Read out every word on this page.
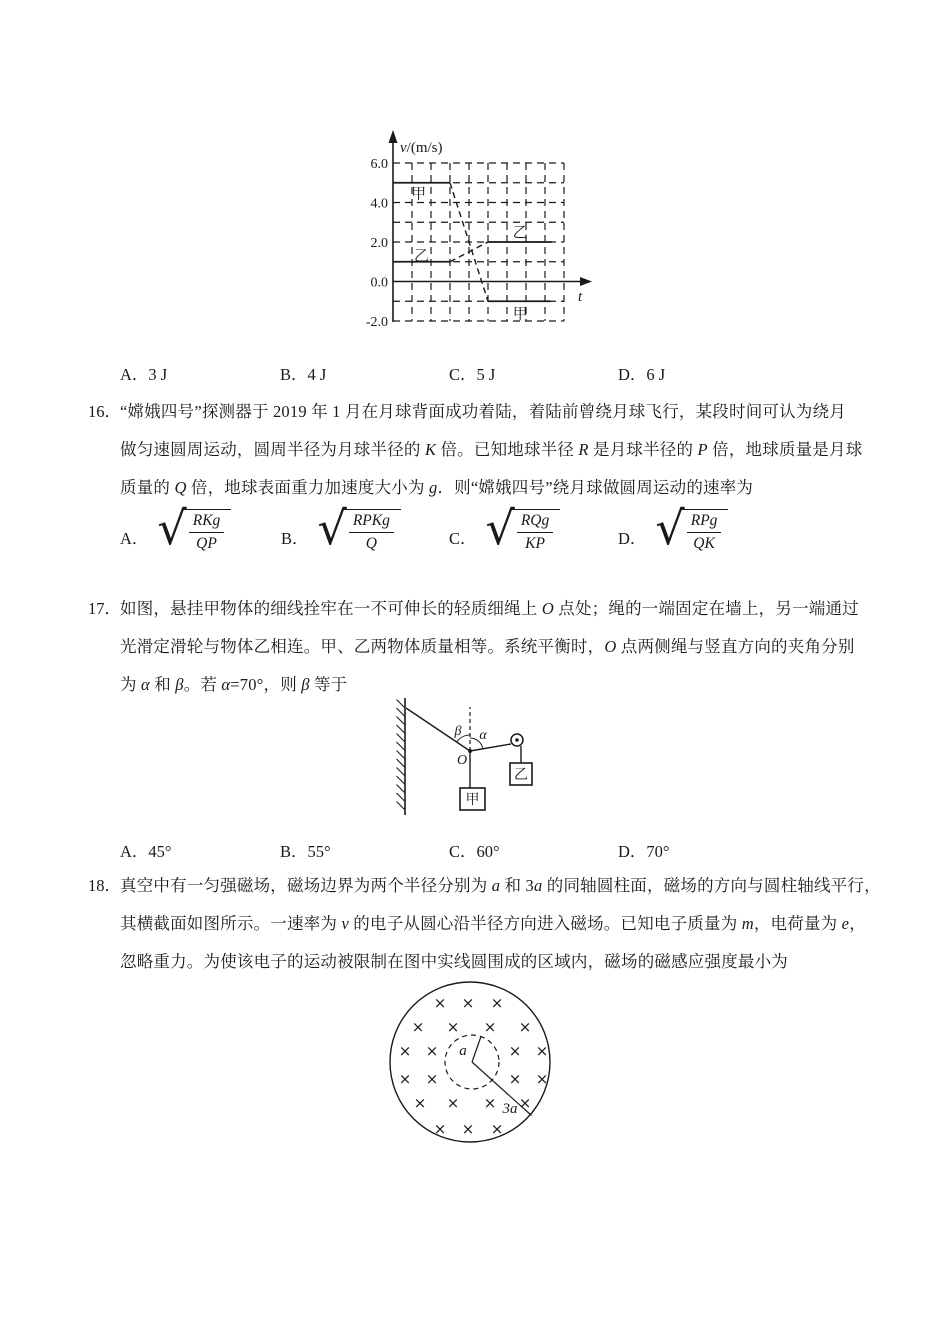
6.0
4.0
2.0
0.0
-2.0
v/(m/s)
t
甲
乙
乙
甲
A．3 J	B．4 J	C．5 J	D．6 J
16． “嫦娥四号”探测器于 2019 年 1 月在月球背面成功着陆，着陆前曾绕月球飞行，某段时间可认为绕月
做匀速圆周运动，圆周半径为月球半径的 K 倍。已知地球半径 R 是月球半径的 P 倍，地球质量是月球
质量的 Q 倍，地球表面重力加速度大小为 g．则“嫦娥四号”绕月球做圆周运动的速率为
A． √
$\frac{\text{RKg}}{QP}$	B． √
$\frac{\text{RPKg}}{Q}$	C． √
$\frac{\text{RQg}}{KP}$	D． √
$\frac{\text{RPg}}{QK}$
17． 如图，悬挂甲物体的细线拴牢在一不可伸长的轻质细绳上 O 点处；绳的一端固定在墙上，另一端通过
光滑定滑轮与物体乙相连。甲、乙两物体质量相等。系统平衡时，O 点两侧绳与竖直方向的夹角分别
为 α 和 β。若 α=70°，则 β 等于
甲
乙
β α
O
A．45°	B．55°	C．60°	D．70°
18． 真空中有一匀强磁场，磁场边界为两个半径分别为 a 和 3a 的同轴圆柱面，磁场的方向与圆柱轴线平行，
其横截面如图所示。一速率为 v 的电子从圆心沿半径方向进入磁场。已知电子质量为 m，电荷量为 e，
忽略重力。为使该电子的运动被限制在图中实线圆围成的区域内，磁场的磁感应强度最小为
a
3a
× × ×
× × × ×
× ×	× ×
× ×	× ×
× × × ×
× × ×
